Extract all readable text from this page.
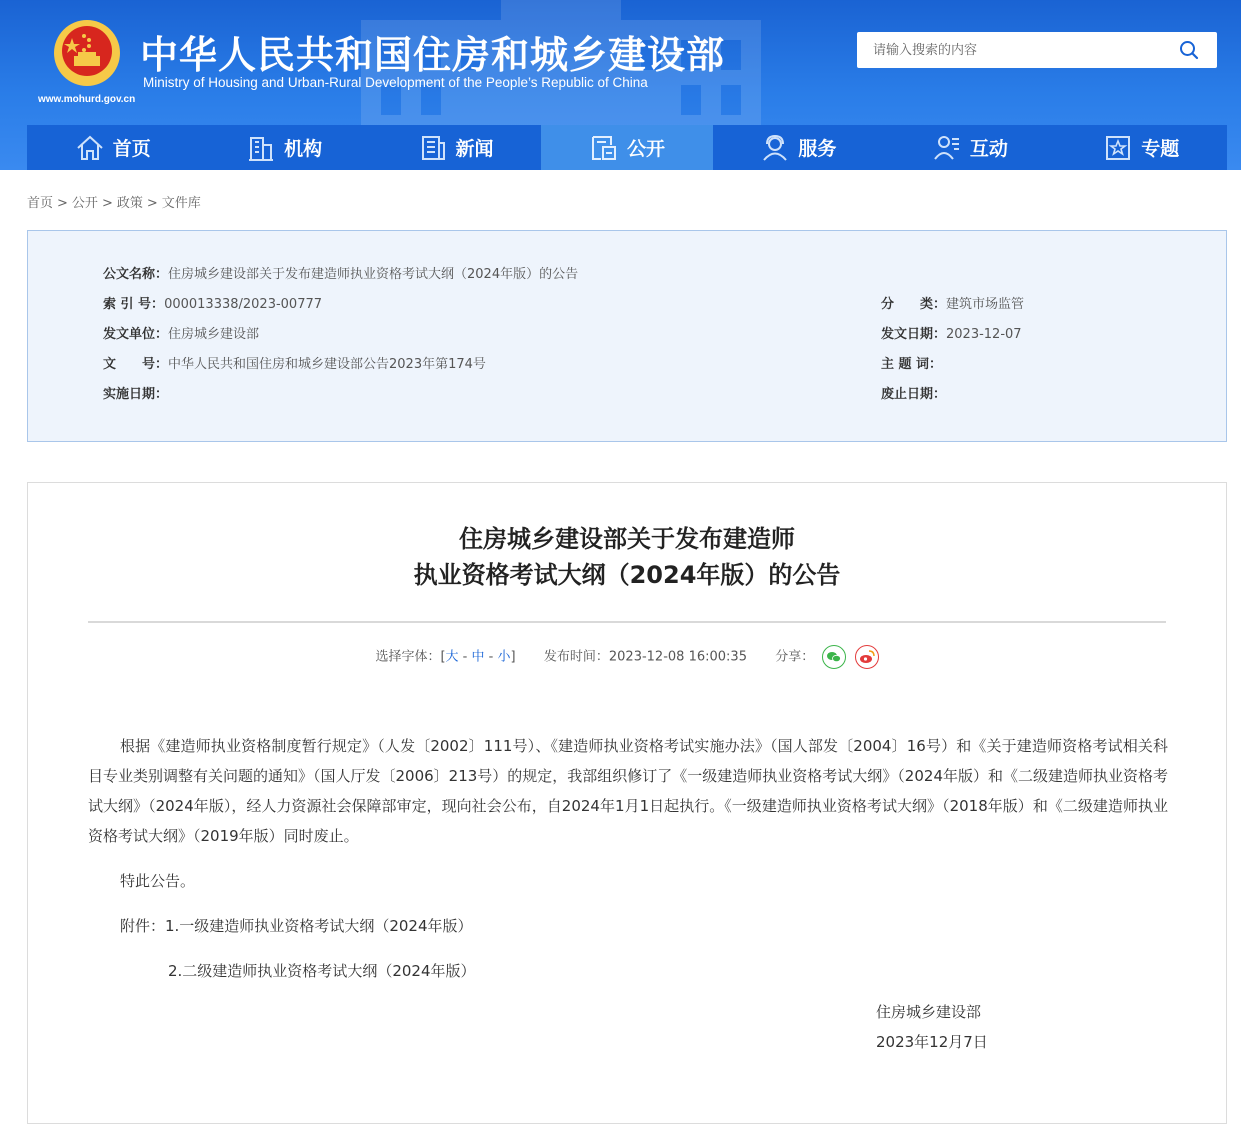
www.mohurd.gov.cn
中华人民共和国住房和城乡建设部
Ministry of Housing and Urban-Rural Development of the People’s Republic of China
请输入搜索的内容
首页	机构	新闻	公开	服务	互动	专题
首页 > 公开 > 政策 > 文件库
公文名称：住房城乡建设部关于发布建造师执业资格考试大纲（2024年版）的公告
索 引 号：000013338/2023-00777	分　　类：建筑市场监管
发文单位：住房城乡建设部	发文日期：2023-12-07
文　　号：中华人民共和国住房和城乡建设部公告2023年第174号	主 题 词：
实施日期：	废止日期：
住房城乡建设部关于发布建造师
执业资格考试大纲（2024年版）的公告
选择字体：[大 - 中 - 小] 发布时间：2023-12-08 16:00:35 分享：

根据《建造师执业资格制度暂行规定》（人发〔2002〕111号）、《建造师执业资格考试实施办法》（国人部发〔2004〕16号）和《关于建造师资格考试相关科目专业类别调整有关问题的通知》（国人厅发〔2006〕213号）的规定，我部组织修订了《一级建造师执业资格考试大纲》（2024年版）和《二级建造师执业资格考试大纲》（2024年版），经人力资源社会保障部审定，现向社会公布，自2024年1月1日起执行。《一级建造师执业资格考试大纲》（2018年版）和《二级建造师执业资格考试大纲》（2019年版）同时废止。

特此公告。

附件：1.一级建造师执业资格考试大纲（2024年版）

2.二级建造师执业资格考试大纲（2024年版）

住房城乡建设部
2023年12月7日
